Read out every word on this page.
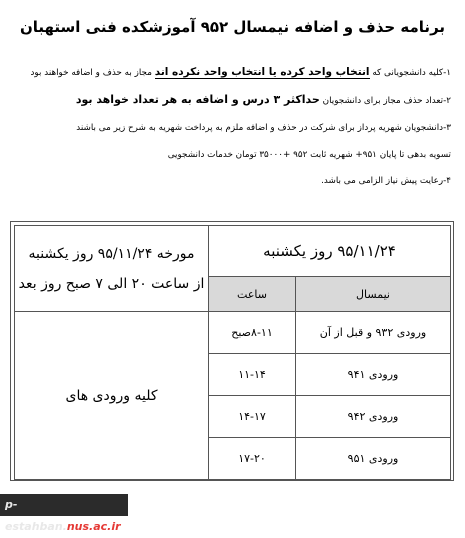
برنامه حذف و اضافه نیمسال ۹۵۲ آموزشکده فنی استهبان
۱-کلیه دانشجویانی که انتخاب واحد کرده یا انتخاب واحد نکرده اند مجاز به حذف و اضافه خواهند بود
۲-تعداد حذف مجاز برای دانشجویان حداکثر ۳ درس و اضافه به هر تعداد خواهد بود
۳-دانشجویان شهریه پرداز برای شرکت در حذف و اضافه ملزم به پرداخت شهریه به شرح زیر می باشند
تسویه بدهی تا پایان ۹۵۱+ شهریه ثابت ۹۵۲ +۳۵۰۰۰ تومان خدمات دانشجویی
۴-رعایت پیش نیاز الزامی می باشد.
۹۵/۱۱/۲۴ روز یکشنبه		مورخه ۹۵/۱۱/۲۴ روز یکشنبه
از ساعت ۲۰ الی ۷ صبح روز بعد

نیمسال	ساعت	
ورودی ۹۳۲ و قبل از آن	۸-۱۱صبح	کلیه ورودی های
ورودی ۹۴۱	۱۱-۱۴	
ورودی ۹۴۲	۱۴-۱۷	
ورودی ۹۵۱	۱۷-۲۰	
p-estahban.nus.ac.ir
